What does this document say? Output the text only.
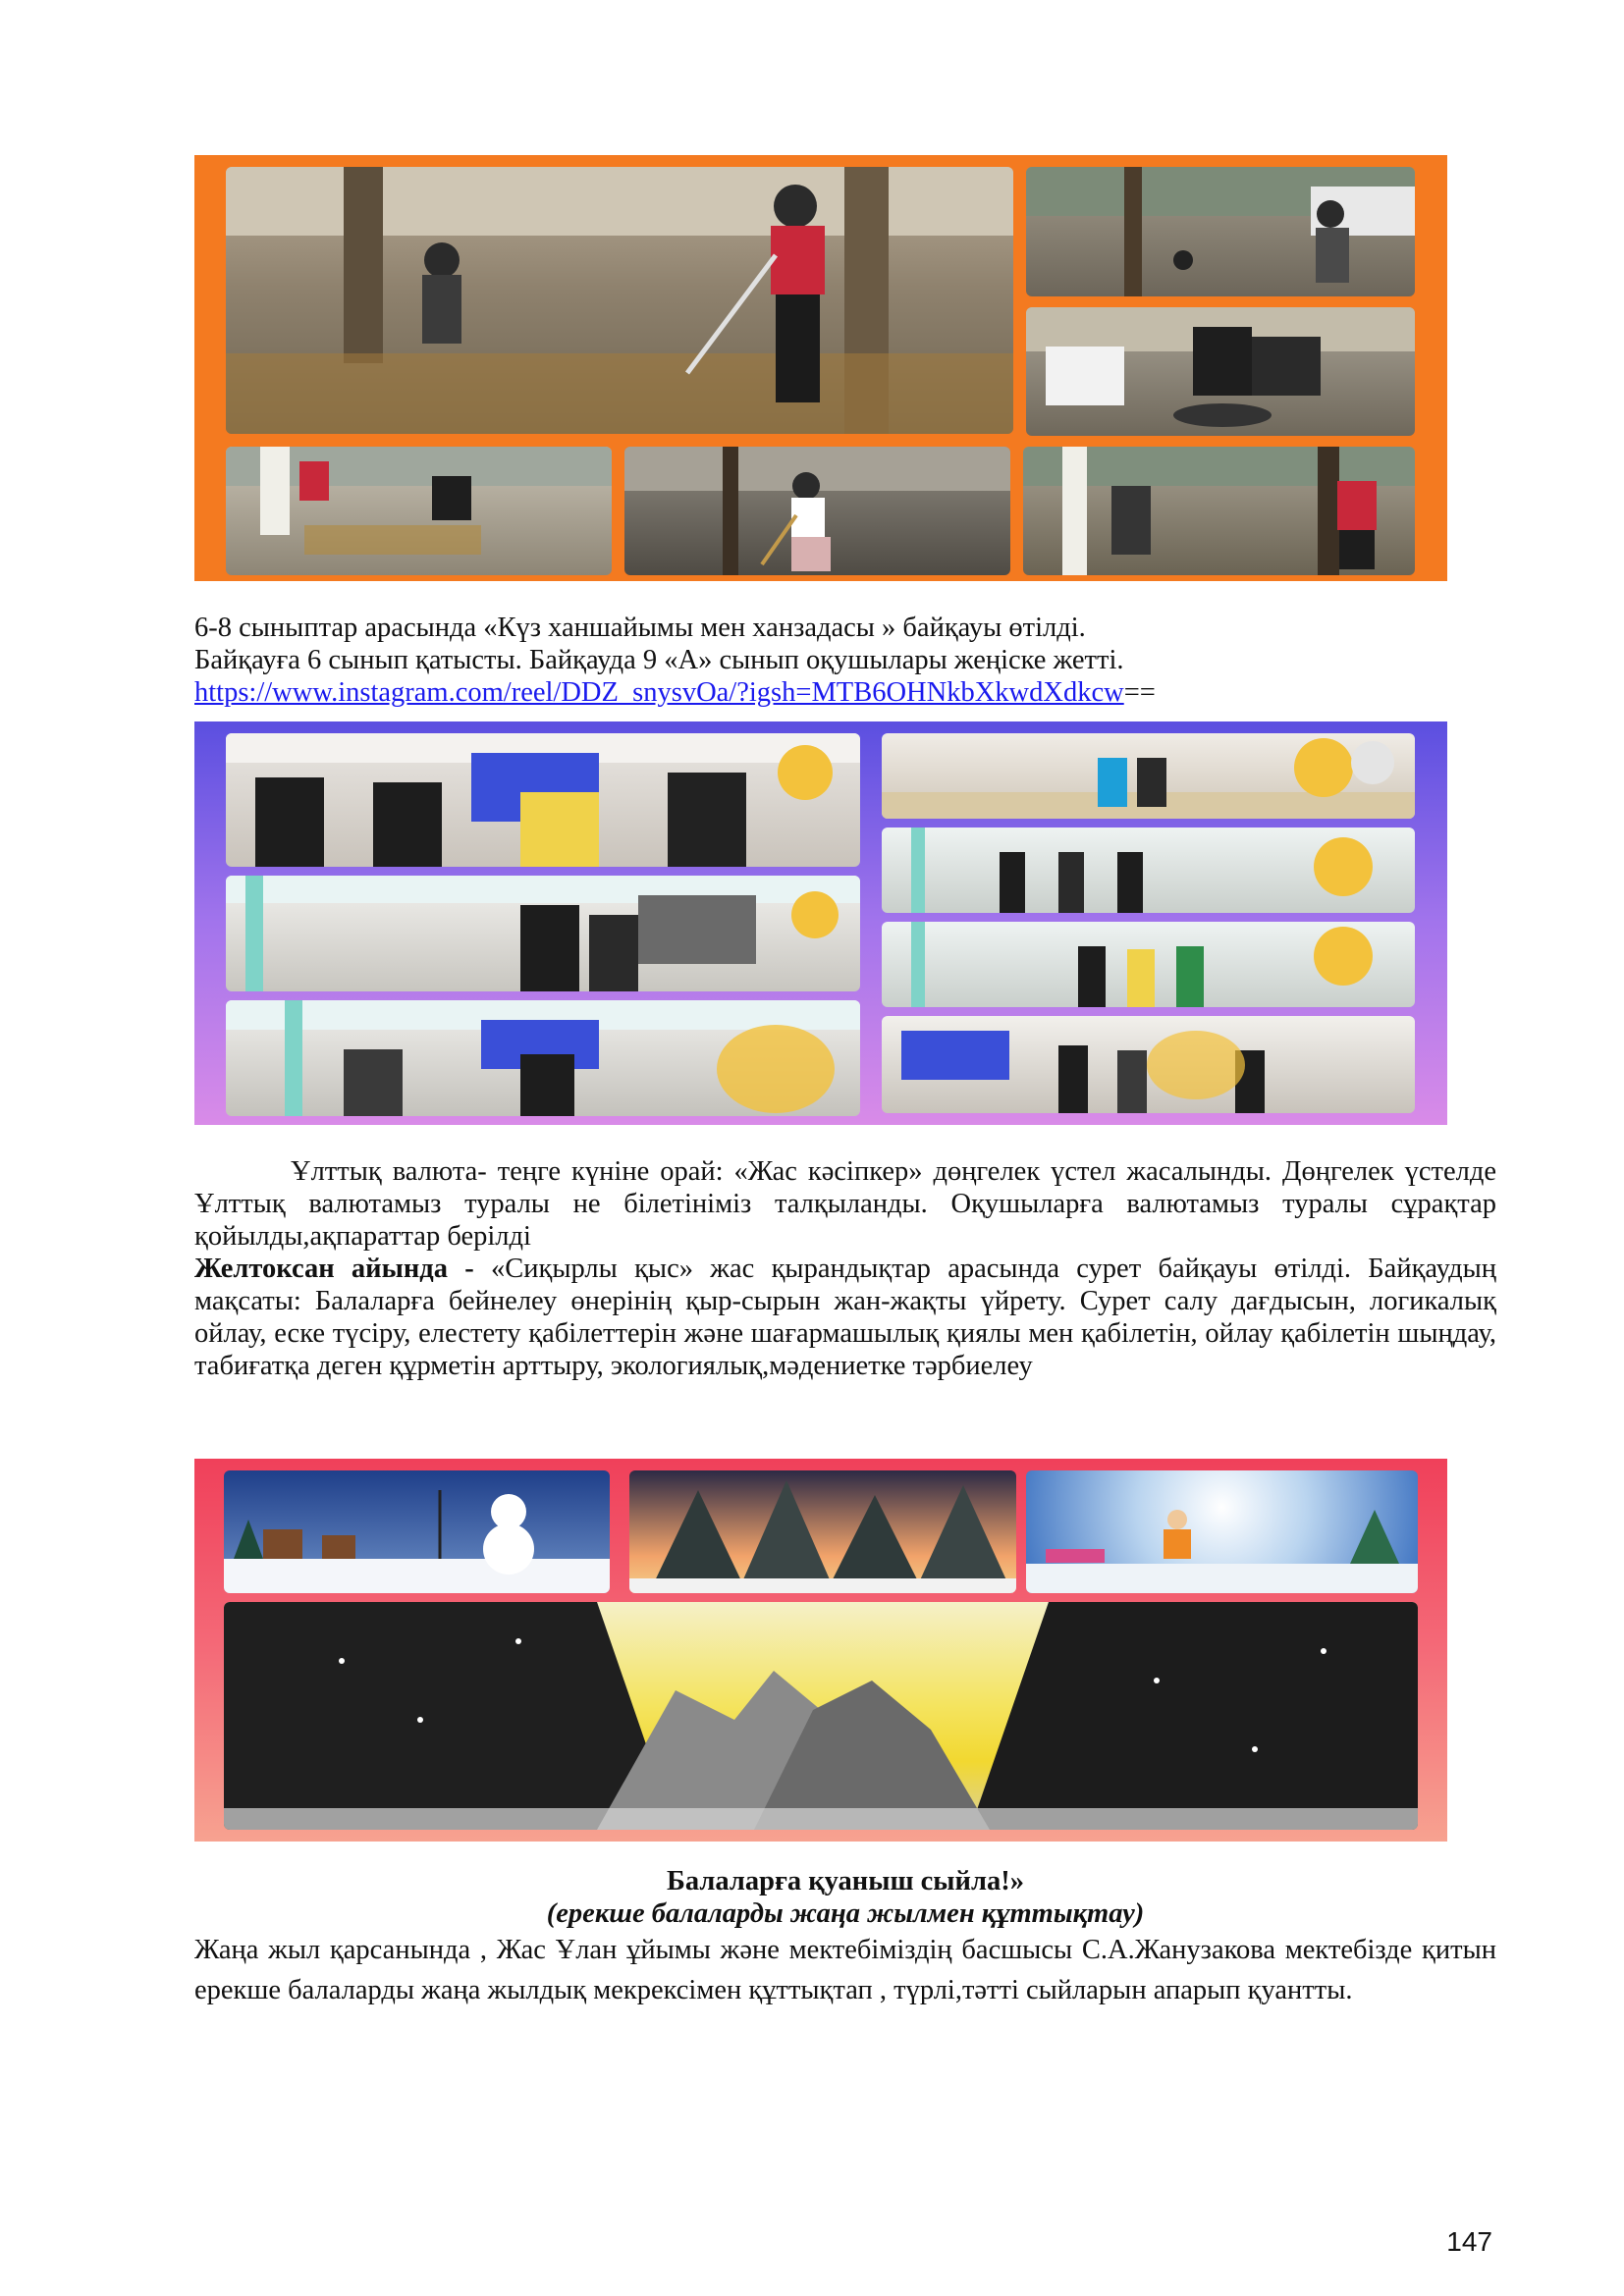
6-8 сыныптар арасында «Күз ханшайымы мен ханзадасы » байқауы өтілді.

Байқауға 6 сынып қатысты. Байқауда 9 «А» сынып оқушылары жеңіске жетті.

https://www.instagram.com/reel/DDZ_snysvOa/?igsh=MTB6OHNkbXkwdXdkcw==

Ұлттық валюта- теңге күніне орай: «Жас кәсіпкер» дөңгелек үстел жасалынды. Дөңгелек үстелде Ұлттық валютамыз туралы не білетініміз талқыланды. Оқушыларға валютамыз туралы сұрақтар қойылды,ақпараттар берілді

Желтоксан айында - «Сиқырлы қыс» жас қырандықтар арасында сурет байқауы өтілді. Байқаудың мақсаты: Балаларға бейнелеу өнерінің қыр-сырын жан-жақты үйрету. Сурет салу дағдысын, логикалық ойлау, еске түсіру, елестету қабілеттерін және шағармашылық қиялы мен қабілетін, ойлау қабілетін шыңдау, табиғатқа деген құрметін арттыру, экологиялық,мәдениетке тәрбиелеу

Балаларға қуаныш сыйла!»

(ерекше балаларды жаңа жылмен құттықтау)

Жаңа жыл қарсанында , Жас Ұлан ұйымы және мектебіміздің басшысы С.А.Жанузакова мектебізде қитын ерекше балаларды жаңа жылдық мекрексімен құттықтап , түрлі,тәтті сыйларын апарып қуантты.

147
